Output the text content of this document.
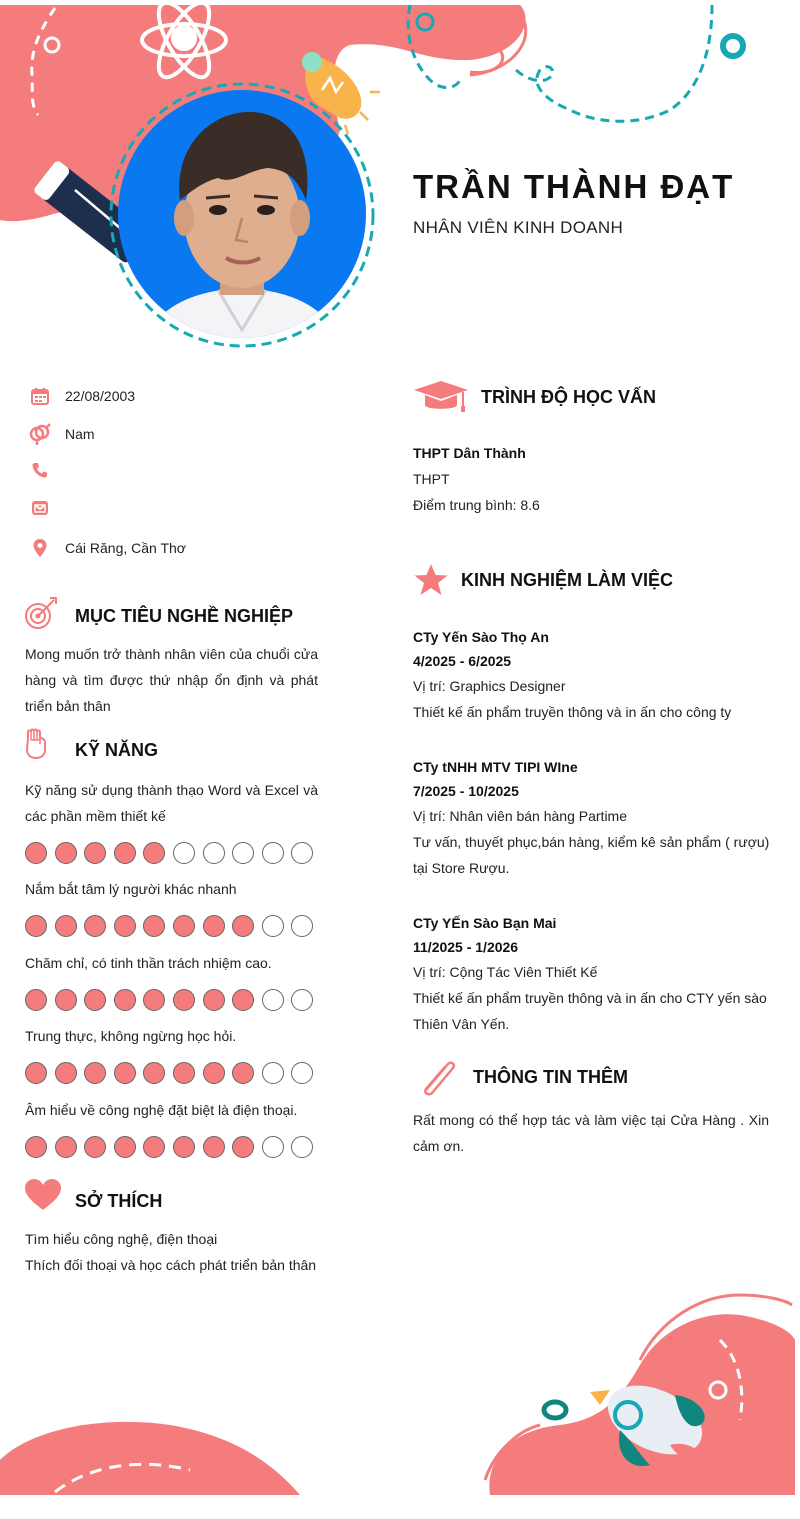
TRẦN THÀNH ĐẠT
NHÂN VIÊN KINH DOANH
22/08/2003
Nam
Cái Răng, Cần Thơ
MỤC TIÊU NGHỀ NGHIỆP
Mong muốn trở thành nhân viên của chuổi cửa hàng và tìm được thứ nhập ổn định và phát triển bản thân
KỸ NĂNG
Kỹ năng sử dụng thành thạo Word và Excel và các phần mềm thiết kế
Nắm bắt tâm lý người khác nhanh
Chăm chỉ, có tinh thần trách nhiệm cao.
Trung thực, không ngừng học hỏi.
Âm hiểu về công nghệ đặt biệt là điện thoại.
SỞ THÍCH
Tìm hiểu công nghệ, điện thoại
Thích đối thoại và học cách phát triển bản thân
TRÌNH ĐỘ HỌC VẤN
THPT Dân Thành
THPT
Điểm trung bình: 8.6
KINH NGHIỆM LÀM VIỆC
CTy Yến Sào Thọ An
4/2025 - 6/2025
Vị trí: Graphics Designer
Thiết kế ấn phẩm truyền thông và in ấn cho công ty
CTy tNHH MTV TIPI WIne
7/2025 - 10/2025
Vị trí: Nhân viên bán hàng Partime
Tư vấn, thuyết phục,bán hàng, kiểm kê sản phẩm ( rượu)
tại Store Rượu.
CTy YẾn Sào Bạn Mai
11/2025 - 1/2026
Vị trí: Cộng Tác Viên Thiết Kế
Thiết kế ấn phẩm truyền thông và in ấn cho CTY yến sào
Thiên Vân Yến.
THÔNG TIN THÊM
Rất mong có thể hợp tác và làm việc tại Cửa Hàng . Xin cảm ơn.
